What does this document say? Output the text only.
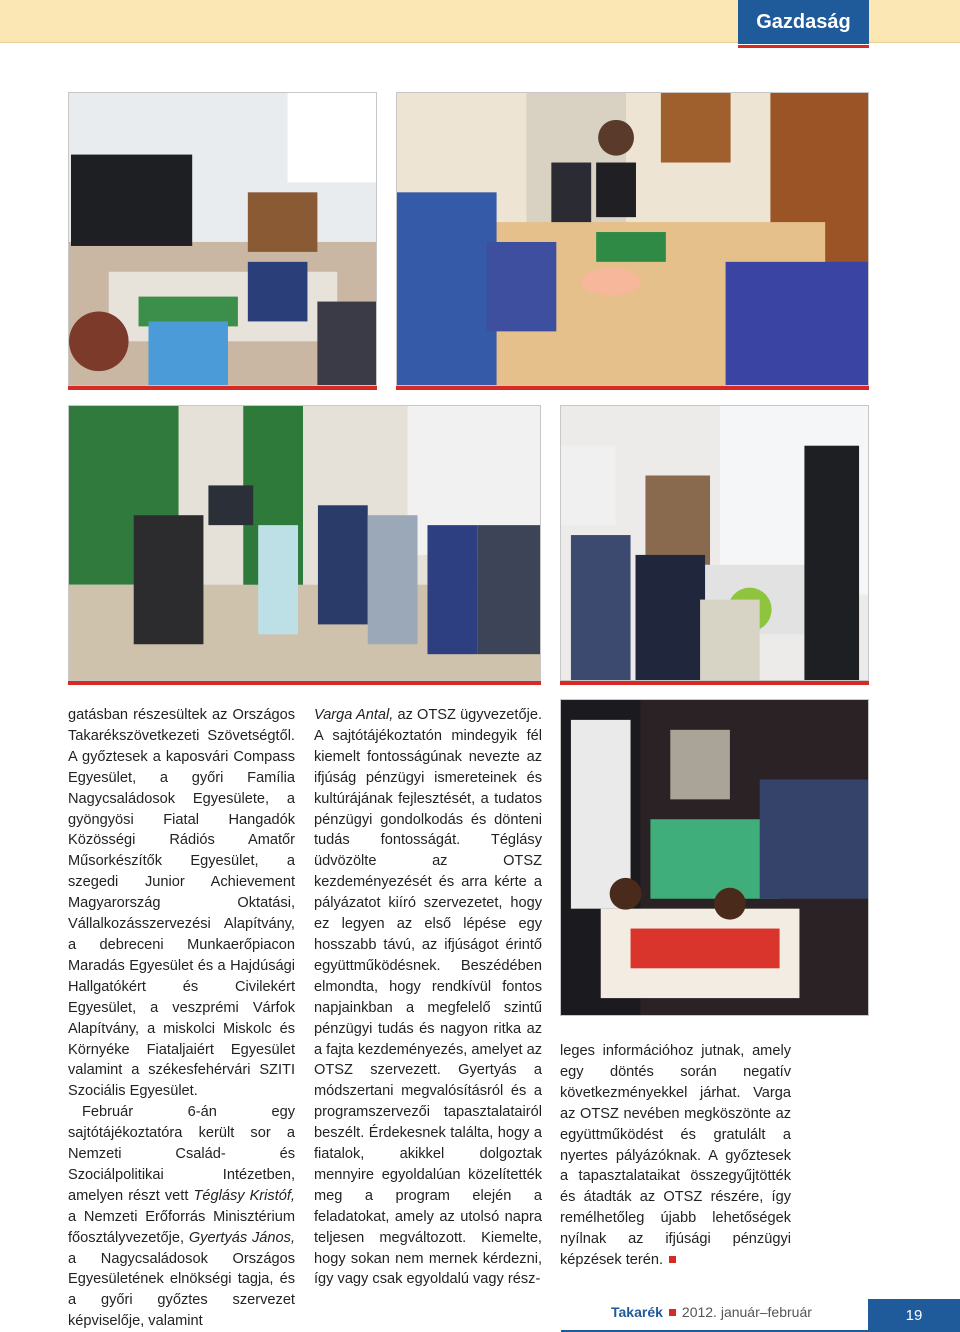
Gazdaság

gatásban részesültek az Országos Takarékszövetkezeti Szövetségtől. A győztesek a kaposvári Compass Egyesület, a győri Família Nagycsaládosok Egyesülete, a gyöngyösi Fiatal Hangadók Közösségi Rádiós Amatőr Műsorkészítők Egyesület, a szegedi Junior Achievement Magyarország Oktatási, Vállalkozásszervezési Alapítvány, a debreceni Munkaerőpiacon Maradás Egyesület és a Hajdúsági Hallgatókért és Civilekért Egyesület, a veszprémi Várfok Alapítvány, a miskolci Miskolc és Környéke Fiataljaiért Egyesület valamint a székesfehérvári SZITI Szociális Egyesület.

Február 6-án egy sajtótájékoztatóra került sor a Nemzeti Család- és Szociálpolitikai Intézetben, amelyen részt vett Téglásy Kristóf, a Nemzeti Erőforrás Minisztérium főosztályvezetője, Gyertyás János, a Nagycsaládosok Országos Egyesületének elnökségi tagja, és a győri győztes szervezet képviselője, valamint

Varga Antal, az OTSZ ügyvezetője. A sajtótájékoztatón mindegyik fél kiemelt fontosságúnak nevezte az ifjúság pénzügyi ismereteinek és kultúrájának fejlesztését, a tudatos pénzügyi gondolkodás és dönteni tudás fontosságát. Téglásy üdvözölte az OTSZ kezdeményezését és arra kérte a pályázatot kiíró szervezetet, hogy ez legyen az első lépése egy hosszabb távú, az ifjúságot érintő együttműködésnek. Beszédében elmondta, hogy rendkívül fontos napjainkban a megfelelő szintű pénzügyi tudás és nagyon ritka az a fajta kezdeményezés, amelyet az OTSZ szervezett. Gyertyás a módszertani megvalósításról és a programszervezői tapasztalatairól beszélt. Érdekesnek találta, hogy a fiatalok, akikkel dolgoztak mennyire egyoldalúan közelítették meg a program elején a feladatokat, amely az utolsó napra teljesen megváltozott. Kiemelte, hogy sokan nem mernek kérdezni, így vagy csak egyoldalú vagy rész-

leges információhoz jutnak, amely egy döntés során negatív következményekkel járhat. Varga az OTSZ nevében megköszönte az együttműködést és gratulált a nyertes pályázóknak. A győztesek a tapasztalataikat összegyűjtötték és átadták az OTSZ részére, így remélhetőleg újabb lehetőségek nyílnak az ifjúsági pénzügyi képzések terén.

Takarék 2012. január–február	19
